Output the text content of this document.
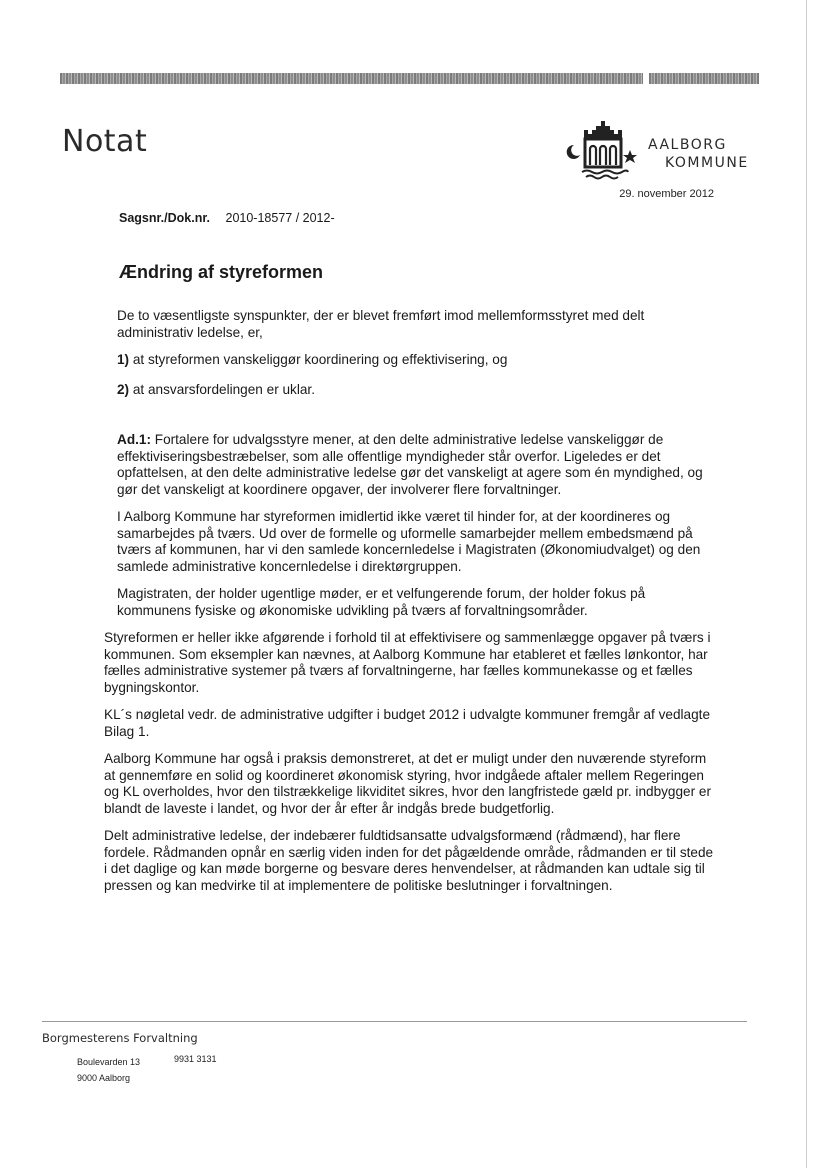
Notat	AALBORG
KOMMUNE
29. november 2012
Sagsnr./Dok.nr. 2010-18577 / 2012-
Ændring af styreformen

De to væsentligste synspunkter, der er blevet fremført imod mellemformsstyret med delt administrativ ledelse, er,

1) at styreformen vanskeliggør koordinering og effektivisering, og

2) at ansvarsfordelingen er uklar.

Ad.1: Fortalere for udvalgsstyre mener, at den delte administrative ledelse vanskeliggør de effektiviseringsbestræbelser, som alle offentlige myndigheder står overfor. Ligeledes er det opfattelsen, at den delte administrative ledelse gør det vanskeligt at agere som én myndighed, og gør det vanskeligt at koordinere opgaver, der involverer flere forvaltninger.

I Aalborg Kommune har styreformen imidlertid ikke været til hinder for, at der koordineres og samarbejdes på tværs. Ud over de formelle og uformelle samarbejder mellem embedsmænd på tværs af kommunen, har vi den samlede koncernledelse i Magistraten (Økonomiudvalget) og den samlede administrative koncernledelse i direktørgruppen.

Magistraten, der holder ugentlige møder, er et velfungerende forum, der holder fokus på kommunens fysiske og økonomiske udvikling på tværs af forvaltningsområder.

Styreformen er heller ikke afgørende i forhold til at effektivisere og sammenlægge opgaver på tværs i kommunen. Som eksempler kan nævnes, at Aalborg Kommune har etableret et fælles lønkontor, har fælles administrative systemer på tværs af forvaltningerne, har fælles kommunekasse og et fælles bygningskontor.

KL´s nøgletal vedr. de administrative udgifter i budget 2012 i udvalgte kommuner fremgår af vedlagte Bilag 1.

Aalborg Kommune har også i praksis demonstreret, at det er muligt under den nuværende styreform at gennemføre en solid og koordineret økonomisk styring, hvor indgåede aftaler mellem Regeringen og KL overholdes, hvor den tilstrækkelige likviditet sikres, hvor den langfristede gæld pr. indbygger er blandt de laveste i landet, og hvor der år efter år indgås brede budgetforlig.

Delt administrative ledelse, der indebærer fuldtidsansatte udvalgsformænd (rådmænd), har flere fordele. Rådmanden opnår en særlig viden inden for det pågældende område, rådmanden er til stede i det daglige og kan møde borgerne og besvare deres henvendelser, at rådmanden kan udtale sig til pressen og kan medvirke til at implementere de politiske beslutninger i forvaltningen.

Borgmesterens Forvaltning
Boulevarden 13
9000 Aalborg
9931 3131
